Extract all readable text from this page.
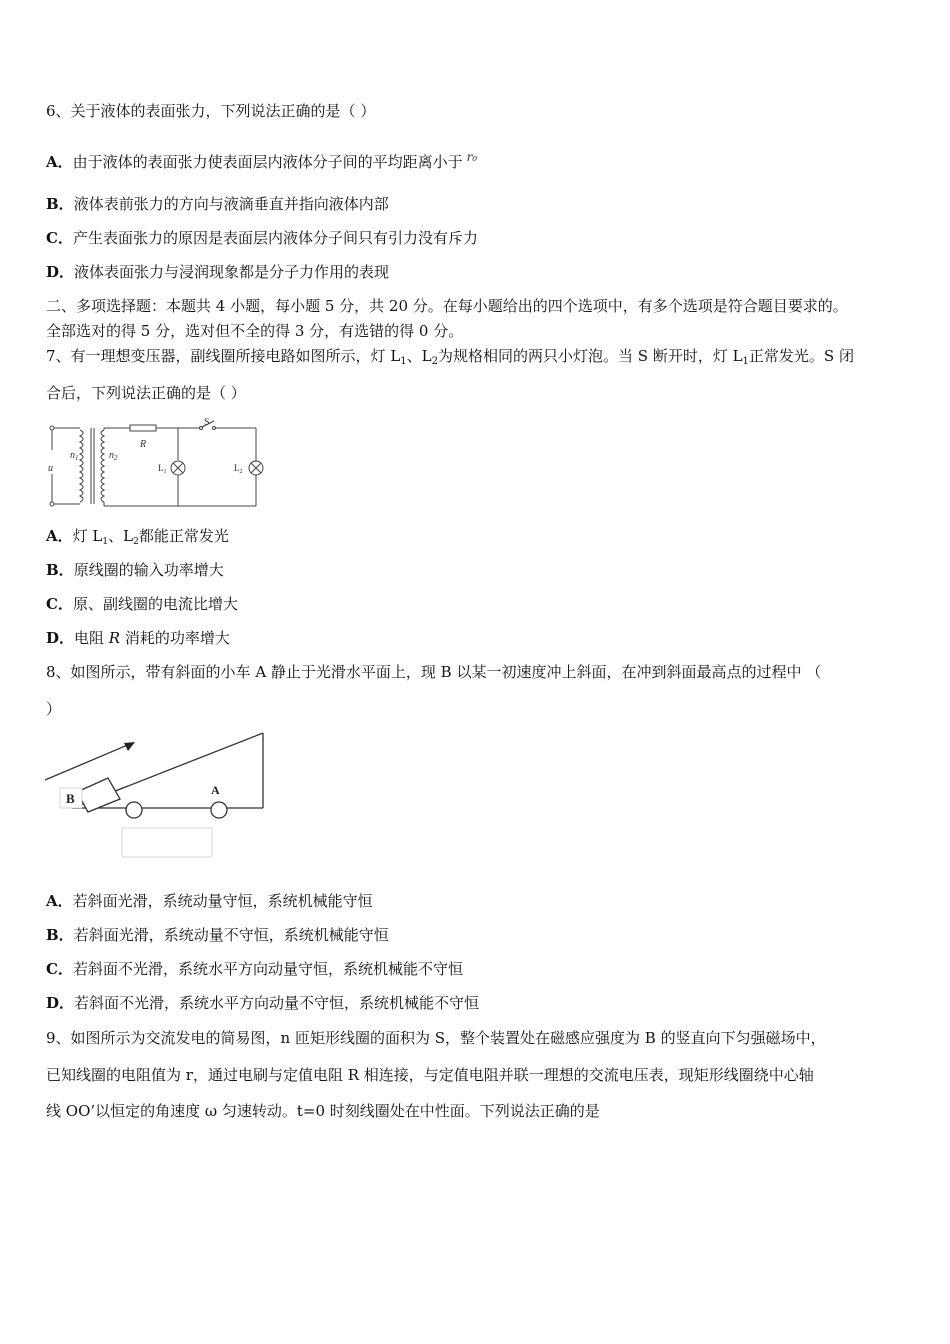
6、关于液体的表面张力，下列说法正确的是（ ）
A．由于液体的表面张力使表面层内液体分子间的平均距离小于 $^{r_0}$
B．液体表前张力的方向与液滴垂直并指向液体内部
C．产生表面张力的原因是表面层内液体分子间只有引力没有斥力
D．液体表面张力与浸润现象都是分子力作用的表现
二、多项选择题：本题共 4 小题，每小题 5 分，共 20 分。在每小题给出的四个选项中，有多个选项是符合题目要求的。
全部选对的得 5 分，选对但不全的得 3 分，有选错的得 0 分。
7、有一理想变压器，副线圈所接电路如图所示，灯 $L_1$、$L_2$为规格相同的两只小灯泡。当 S 断开时，灯 $L_1$正常发光。S 闭
合后，下列说法正确的是（ ）
u
$n_1$	$n_2$
R
S
$L_1$	$L_2$
A．灯 $L_1$、$L_2$都能正常发光
B．原线圈的输入功率增大
C．原、副线圈的电流比增大
D．电阻 R 消耗的功率增大
8、如图所示，带有斜面的小车 A 静止于光滑水平面上，现 B 以某一初速度冲上斜面，在冲到斜面最高点的过程中 （
）
B
A
A．若斜面光滑，系统动量守恒，系统机械能守恒
B．若斜面光滑，系统动量不守恒，系统机械能守恒
C．若斜面不光滑，系统水平方向动量守恒，系统机械能不守恒
D．若斜面不光滑，系统水平方向动量不守恒，系统机械能不守恒
9、如图所示为交流发电的简易图，n 匝矩形线圈的面积为 S，整个装置处在磁感应强度为 B 的竖直向下匀强磁场中，
已知线圈的电阻值为 r，通过电刷与定值电阻 R 相连接，与定值电阻并联一理想的交流电压表，现矩形线圈绕中心轴
线 OO’以恒定的角速度 ω 匀速转动。t=0 时刻线圈处在中性面。下列说法正确的是
